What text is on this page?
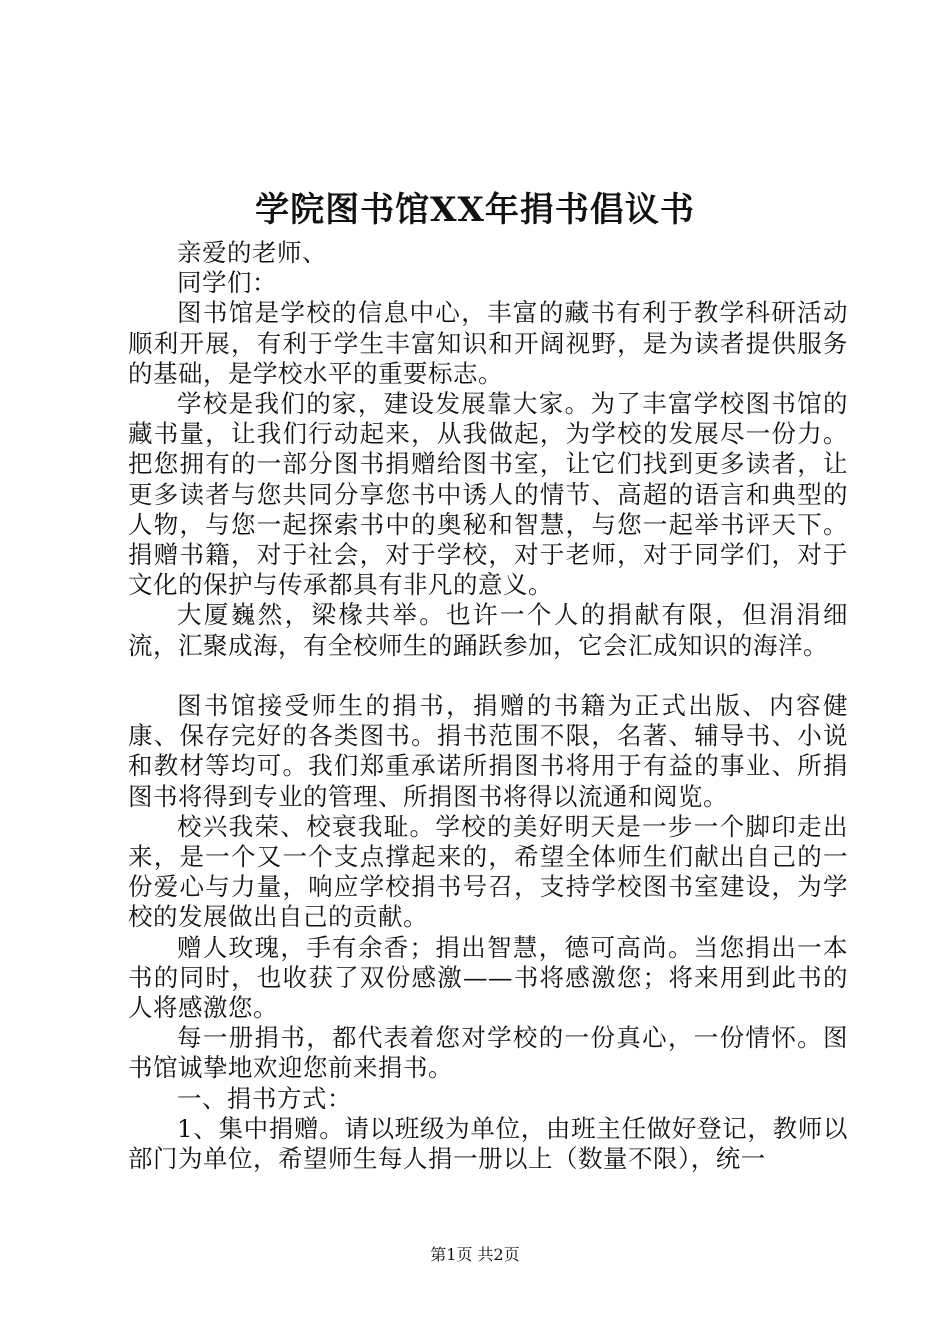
学院图书馆XX年捐书倡议书

亲爱的老师、

同学们：

图书馆是学校的信息中心，丰富的藏书有利于教学科研活动顺利开展，有利于学生丰富知识和开阔视野，是为读者提供服务的基础，是学校水平的重要标志。

学校是我们的家，建设发展靠大家。为了丰富学校图书馆的藏书量，让我们行动起来，从我做起，为学校的发展尽一份力。把您拥有的一部分图书捐赠给图书室，让它们找到更多读者，让更多读者与您共同分享您书中诱人的情节、高超的语言和典型的人物，与您一起探索书中的奥秘和智慧，与您一起举书评天下。捐赠书籍，对于社会，对于学校，对于老师，对于同学们，对于文化的保护与传承都具有非凡的意义。

大厦巍然，梁椽共举。也许一个人的捐献有限，但涓涓细流，汇聚成海，有全校师生的踊跃参加，它会汇成知识的海洋。

图书馆接受师生的捐书，捐赠的书籍为正式出版、内容健康、保存完好的各类图书。捐书范围不限，名著、辅导书、小说和教材等均可。我们郑重承诺所捐图书将用于有益的事业、所捐图书将得到专业的管理、所捐图书将得以流通和阅览。

校兴我荣、校衰我耻。学校的美好明天是一步一个脚印走出来，是一个又一个支点撑起来的，希望全体师生们献出自己的一份爱心与力量，响应学校捐书号召，支持学校图书室建设，为学校的发展做出自己的贡献。

赠人玫瑰，手有余香；捐出智慧，德可高尚。当您捐出一本书的同时，也收获了双份感激——书将感激您；将来用到此书的人将感激您。

每一册捐书，都代表着您对学校的一份真心，一份情怀。图书馆诚挚地欢迎您前来捐书。

一、捐书方式：

1、集中捐赠。请以班级为单位，由班主任做好登记，教师以部门为单位，希望师生每人捐一册以上（数量不限），统一

第1页 共2页
